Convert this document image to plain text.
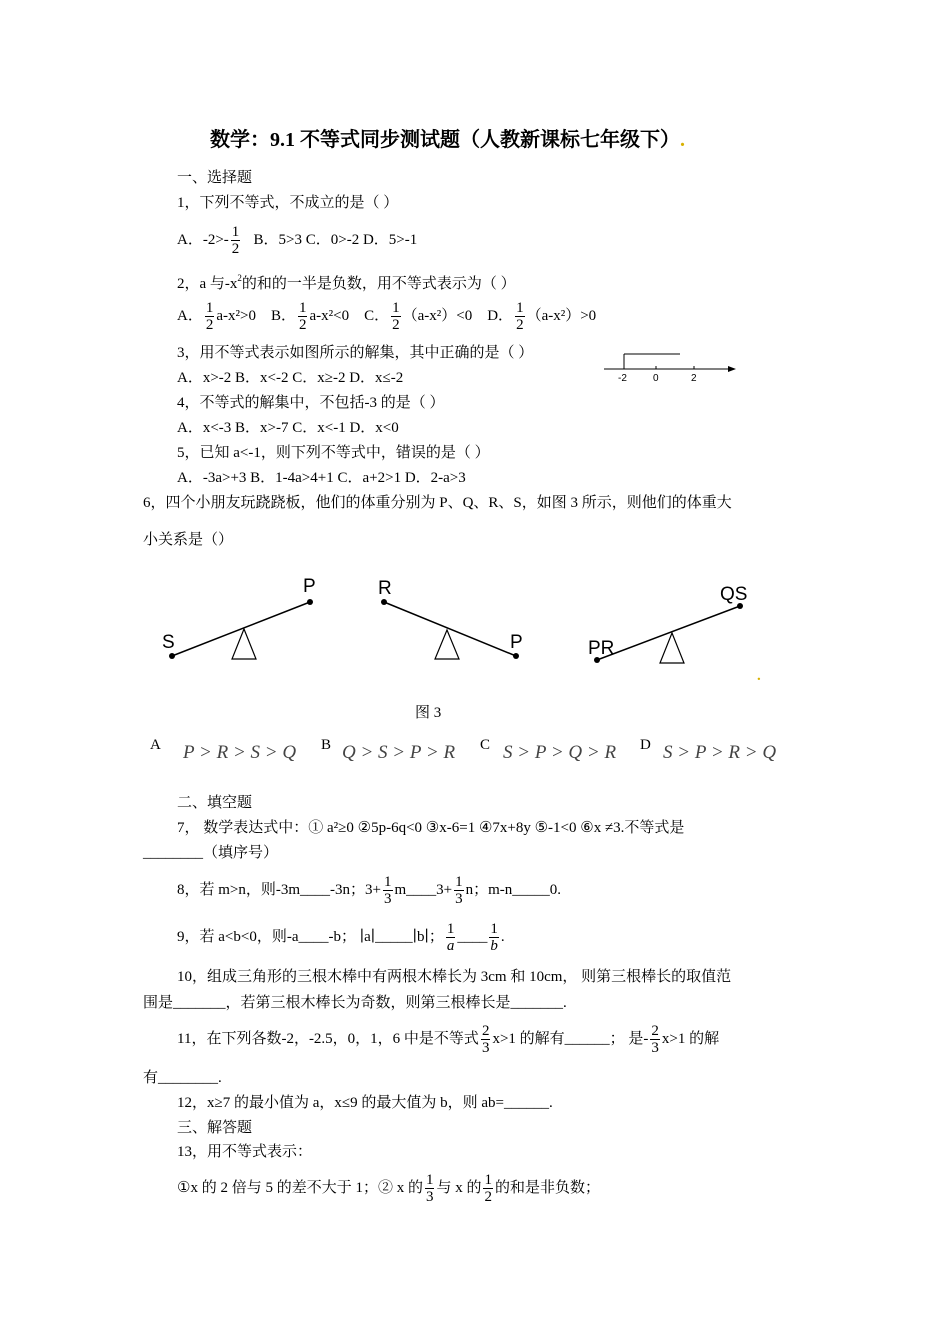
数学：9.1 不等式同步测试题（人教新课标七年级下）.
一、选择题
1，下列不等式，不成立的是（ ）
A．$-2>- \frac{1}{2}$ B．5>3 C．0>-2 D．5>-1
2，a 与$-x^2$的和的一半是负数，用不等式表示为（ ）
A． $\frac{1}{2} a-x^2>0$ B． $\frac{1}{2} a-x^2<0$ C． $\frac{1}{2} (a-x^2)<0$ D． $\frac{1}{2} (a-x^2)>0$
3，用不等式表示如图所示的解集，其中正确的是（ ）
A．x>-2 B．x<-2 C．x≥-2 D．x≤-2	-2	0	2
4，不等式的解集中，不包括-3 的是（ ）
A．x<-3 B．x>-7 C．x<-1 D．x<0
5，已知 a<-1，则下列不等式中，错误的是（ ）
A．-3a>+3 B．1-4a>4+1 C．a+2>1 D．2-a>3
6，四个小朋友玩跷跷板，他们的体重分别为 P、Q、R、S，如图 3 所示，则他们的体重大
小关系是（）
S
P	R
P	PR
QS
.
图 3
A P > R > S > Q B Q > S > P > R C S > P > Q > R D S > P > R > Q
二、填空题
7， 数学表达式中：① a²≥0 ②5p-6q<0 ③x-6=1 ④7x+8y ⑤-1<0 ⑥x ≠3.不等式是
________（填序号）
8，若 m>n，则-3m____-3n；$3+ \frac{1}{3}$ m____3+ $\frac{1}{3}$ n；m-n_____0.
9，若 a<b<0，则-a____-b； ∣a∣_____∣b∣； $\frac{1}{a}$ ____ $\frac{1}{b}$ .
10，组成三角形的三根木棒中有两根木棒长为 3cm 和 10cm， 则第三根棒长的取值范
围是_______，若第三根木棒长为奇数，则第三根棒长是_______.
11，在下列各数-2，-2.5，0，1，6 中是不等式 $\frac{2}{3} x>1$ 的解有______； 是- $\frac{2}{3} x>1$ 的解
有________.
12，x≥7 的最小值为 a，x≤9 的最大值为 b，则 ab=______.
三、解答题
13，用不等式表示：
①x 的 2 倍与 5 的差不大于 1；② x 的 $\frac{1}{3}$ 与 x 的 $\frac{1}{2}$ 的和是非负数；
